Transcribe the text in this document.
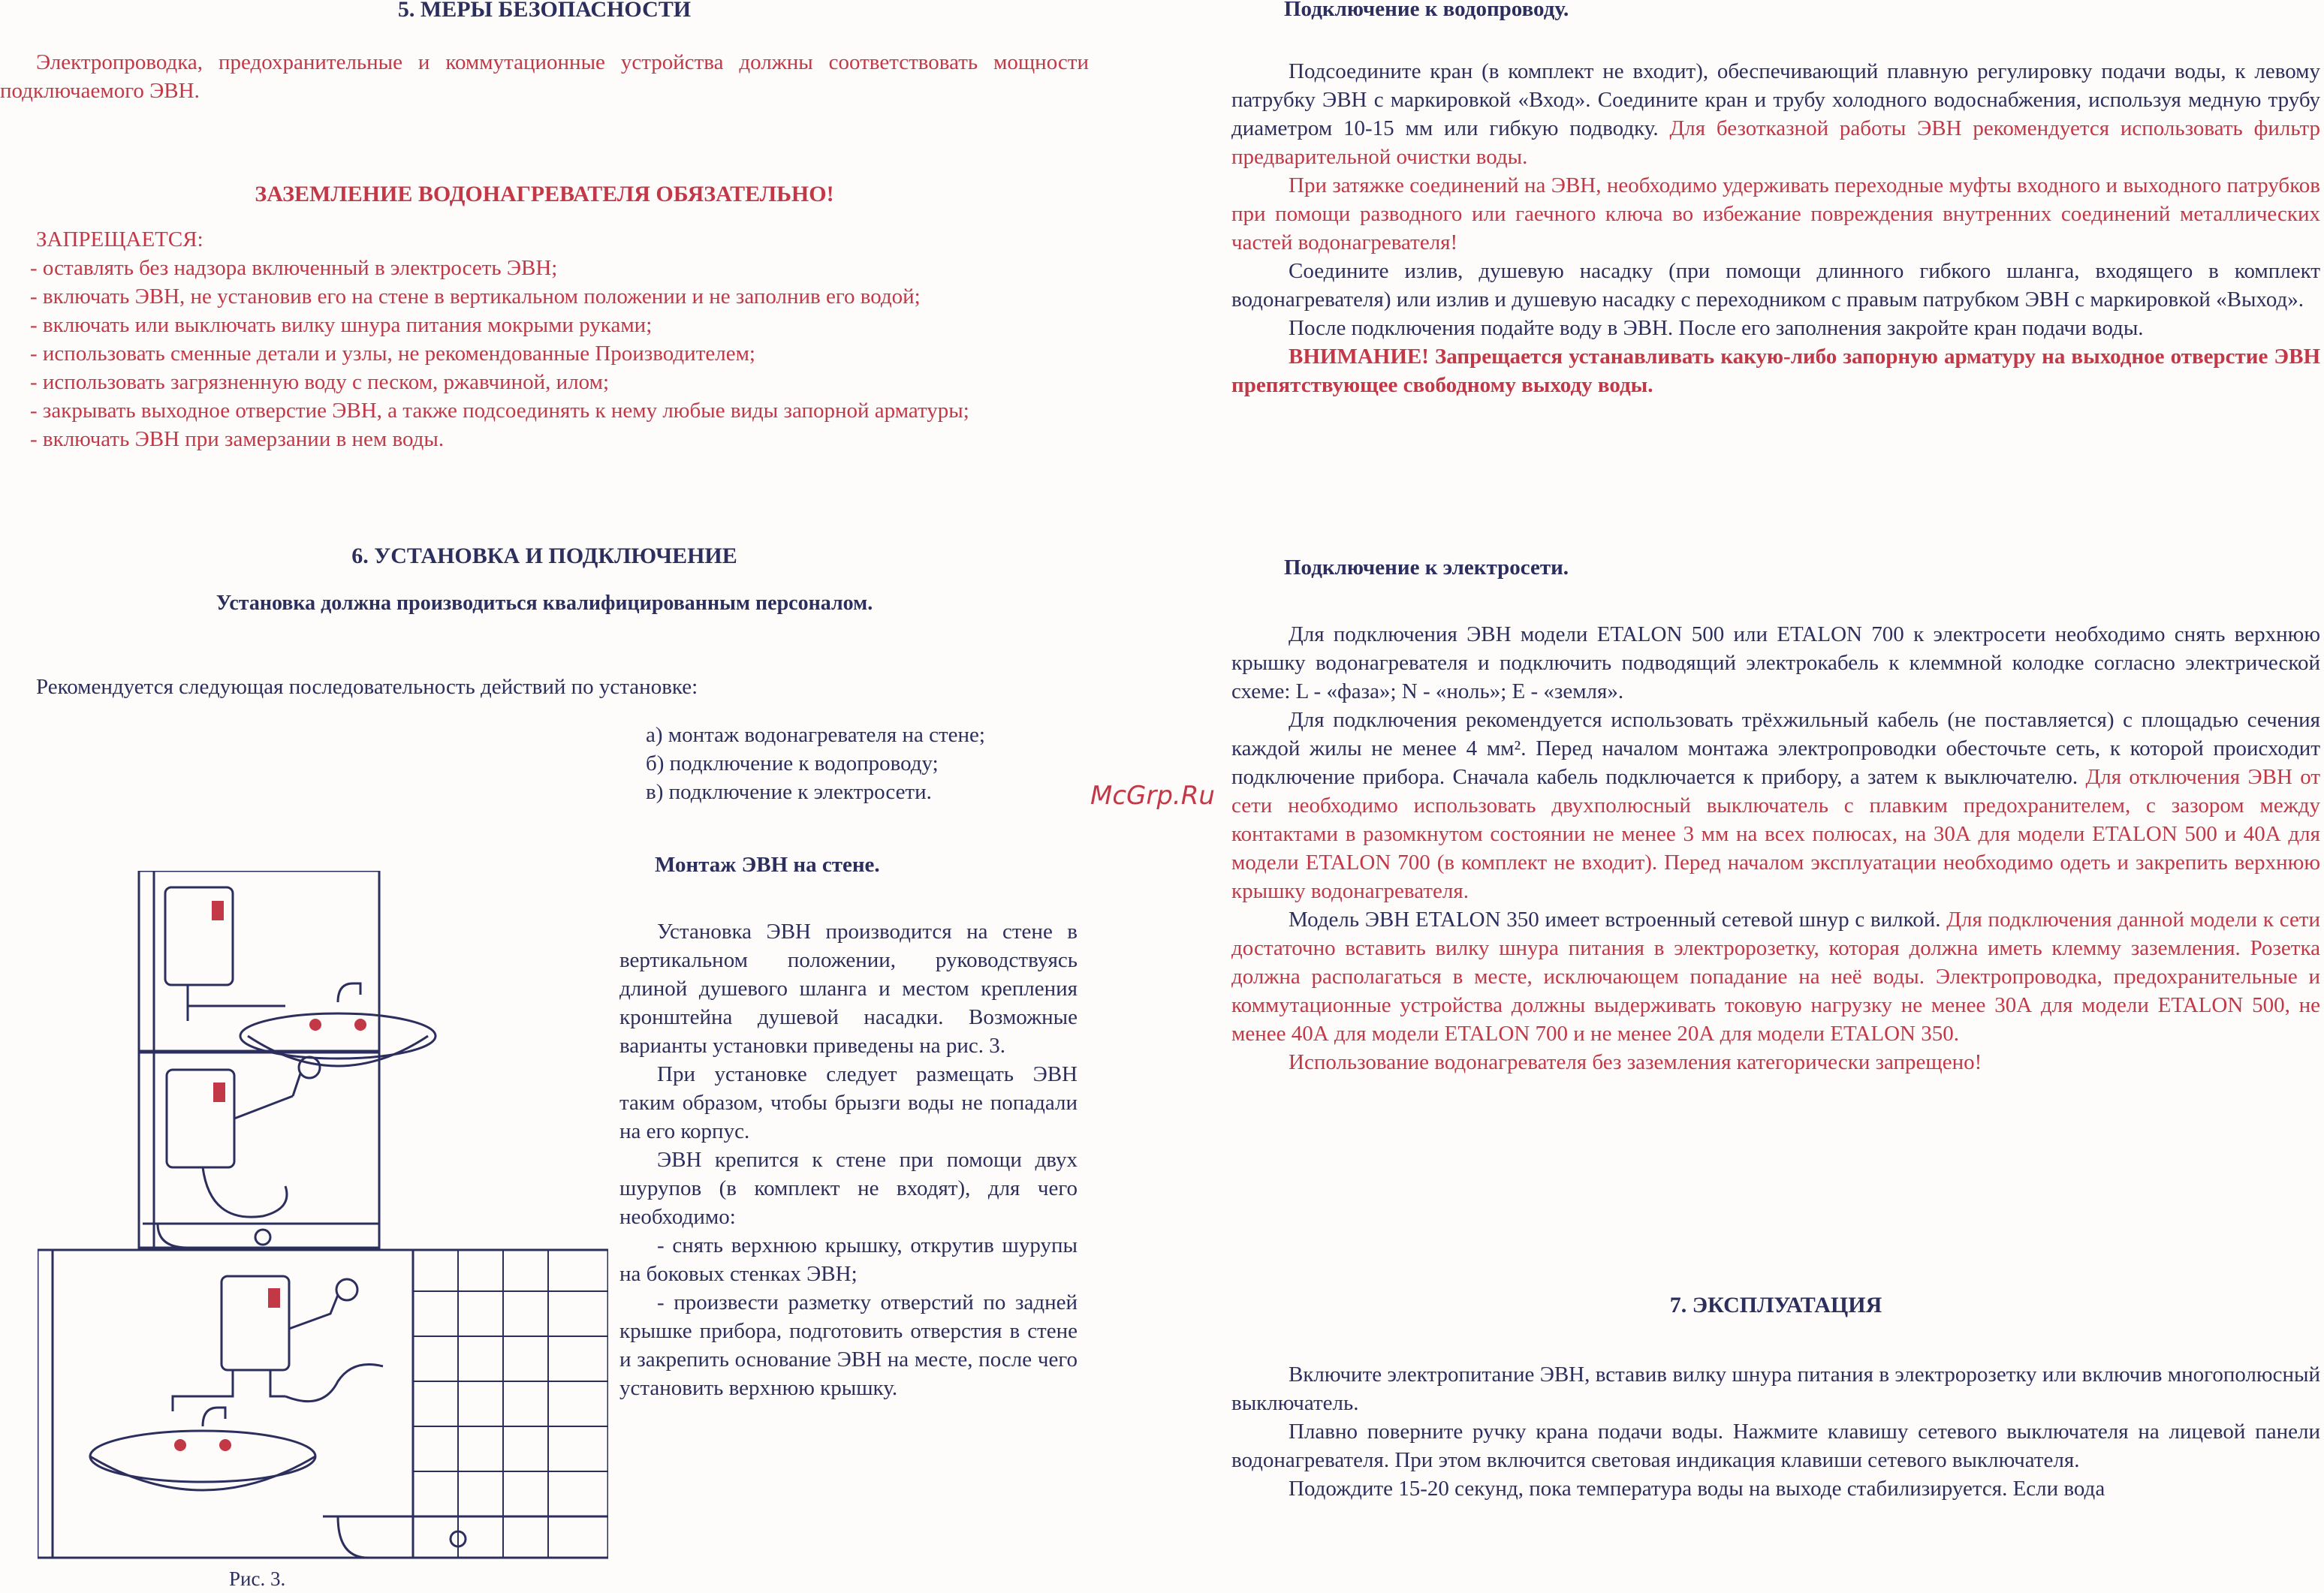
5. МЕРЫ БЕЗОПАСНОСТИ

Электропроводка, предохранительные и коммутационные устройства должны соответствовать мощности подключаемого ЭВН.

ЗАЗЕМЛЕНИЕ ВОДОНАГРЕВАТЕЛЯ ОБЯЗАТЕЛЬНО!

ЗАПРЕЩАЕТСЯ:

- оставлять без надзора включенный в электросеть ЭВН;

- включать ЭВН, не установив его на стене в вертикальном положении и не заполнив его водой;

- включать или выключать вилку шнура питания мокрыми руками;

- использовать сменные детали и узлы, не рекомендованные Производителем;

- использовать загрязненную воду с песком, ржавчиной, илом;

- закрывать выходное отверстие ЭВН, а также подсоединять к нему любые виды запорной арматуры;

- включать ЭВН при замерзании в нем воды.

6. УСТАНОВКА И ПОДКЛЮЧЕНИЕ
Установка должна производиться квалифицированным персоналом.

Рекомендуется следующая последовательность действий по установке:

а) монтаж водонагревателя на стене;

б) подключение к водопроводу;

в) подключение к электросети.

Монтаж ЭВН на стене.

Установка ЭВН производится на стене в вертикальном положении, руководствуясь длиной душевого шланга и местом крепления кронштейна душевой насадки. Возможные варианты установки приведены на рис. 3.

При установке следует размещать ЭВН таким образом, чтобы брызги воды не попадали на его корпус.

ЭВН крепится к стене при помощи двух шурупов (в комплект не входят), для чего необходимо:

- снять верхнюю крышку, открутив шурупы на боковых стенках ЭВН;

- произвести разметку отверстий по задней крышке прибора, подготовить отверстия в стене и закрепить основание ЭВН на месте, после чего установить верхнюю крышку.

Рис. 3.
McGrp.Ru
Подключение к водопроводу.

Подсоедините кран (в комплект не входит), обеспечивающий плавную регулировку подачи воды, к левому патрубку ЭВН с маркировкой «Вход». Соедините кран и трубу холодного водоснабжения, используя медную трубу диаметром 10-15 мм или гибкую подводку. Для безотказной работы ЭВН рекомендуется использовать фильтр предварительной очистки воды.

При затяжке соединений на ЭВН, необходимо удерживать переходные муфты входного и выходного патрубков при помощи разводного или гаечного ключа во избежание повреждения внутренних соединений металлических частей водонагревателя!

Соедините излив, душевую насадку (при помощи длинного гибкого шланга, входящего в комплект водонагревателя) или излив и душевую насадку с переходником с правым патрубком ЭВН с маркировкой «Выход».

После подключения подайте воду в ЭВН. После его заполнения закройте кран подачи воды.

ВНИМАНИЕ! Запрещается устанавливать какую-либо запорную арматуру на выходное отверстие ЭВН препятствующее свободному выходу воды.

Подключение к электросети.

Для подключения ЭВН модели ETALON 500 или ETALON 700 к электросети необходимо снять верхнюю крышку водонагревателя и подключить подводящий электрокабель к клеммной колодке согласно электрической схеме: L - «фаза»; N - «ноль»; E - «земля».

Для подключения рекомендуется использовать трёхжильный кабель (не поставляется) с площадью сечения каждой жилы не менее 4 мм². Перед началом монтажа электропроводки обесточьте сеть, к которой происходит подключение прибора. Сначала кабель подключается к прибору, а затем к выключателю. Для отключения ЭВН от сети необходимо использовать двухполюсный выключатель с плавким предохранителем, с зазором между контактами в разомкнутом состоянии не менее 3 мм на всех полюсах, на 30А для модели ETALON 500 и 40А для модели ETALON 700 (в комплект не входит). Перед началом эксплуатации необходимо одеть и закрепить верхнюю крышку водонагревателя.

Модель ЭВН ETALON 350 имеет встроенный сетевой шнур с вилкой. Для подключения данной модели к сети достаточно вставить вилку шнура питания в электророзетку, которая должна иметь клемму заземления. Розетка должна располагаться в месте, исключающем попадание на неё воды. Электропроводка, предохранительные и коммутационные устройства должны выдерживать токовую нагрузку не менее 30А для модели ETALON 500, не менее 40А для модели ETALON 700 и не менее 20А для модели ETALON 350.

Использование водонагревателя без заземления категорически запрещено!

7. ЭКСПЛУАТАЦИЯ

Включите электропитание ЭВН, вставив вилку шнура питания в электророзетку или включив многополюсный выключатель.

Плавно поверните ручку крана подачи воды. Нажмите клавишу сетевого выключателя на лицевой панели водонагревателя. При этом включится световая индикация клавиши сетевого выключателя.

Подождите 15-20 секунд, пока температура воды на выходе стабилизируется. Если вода
